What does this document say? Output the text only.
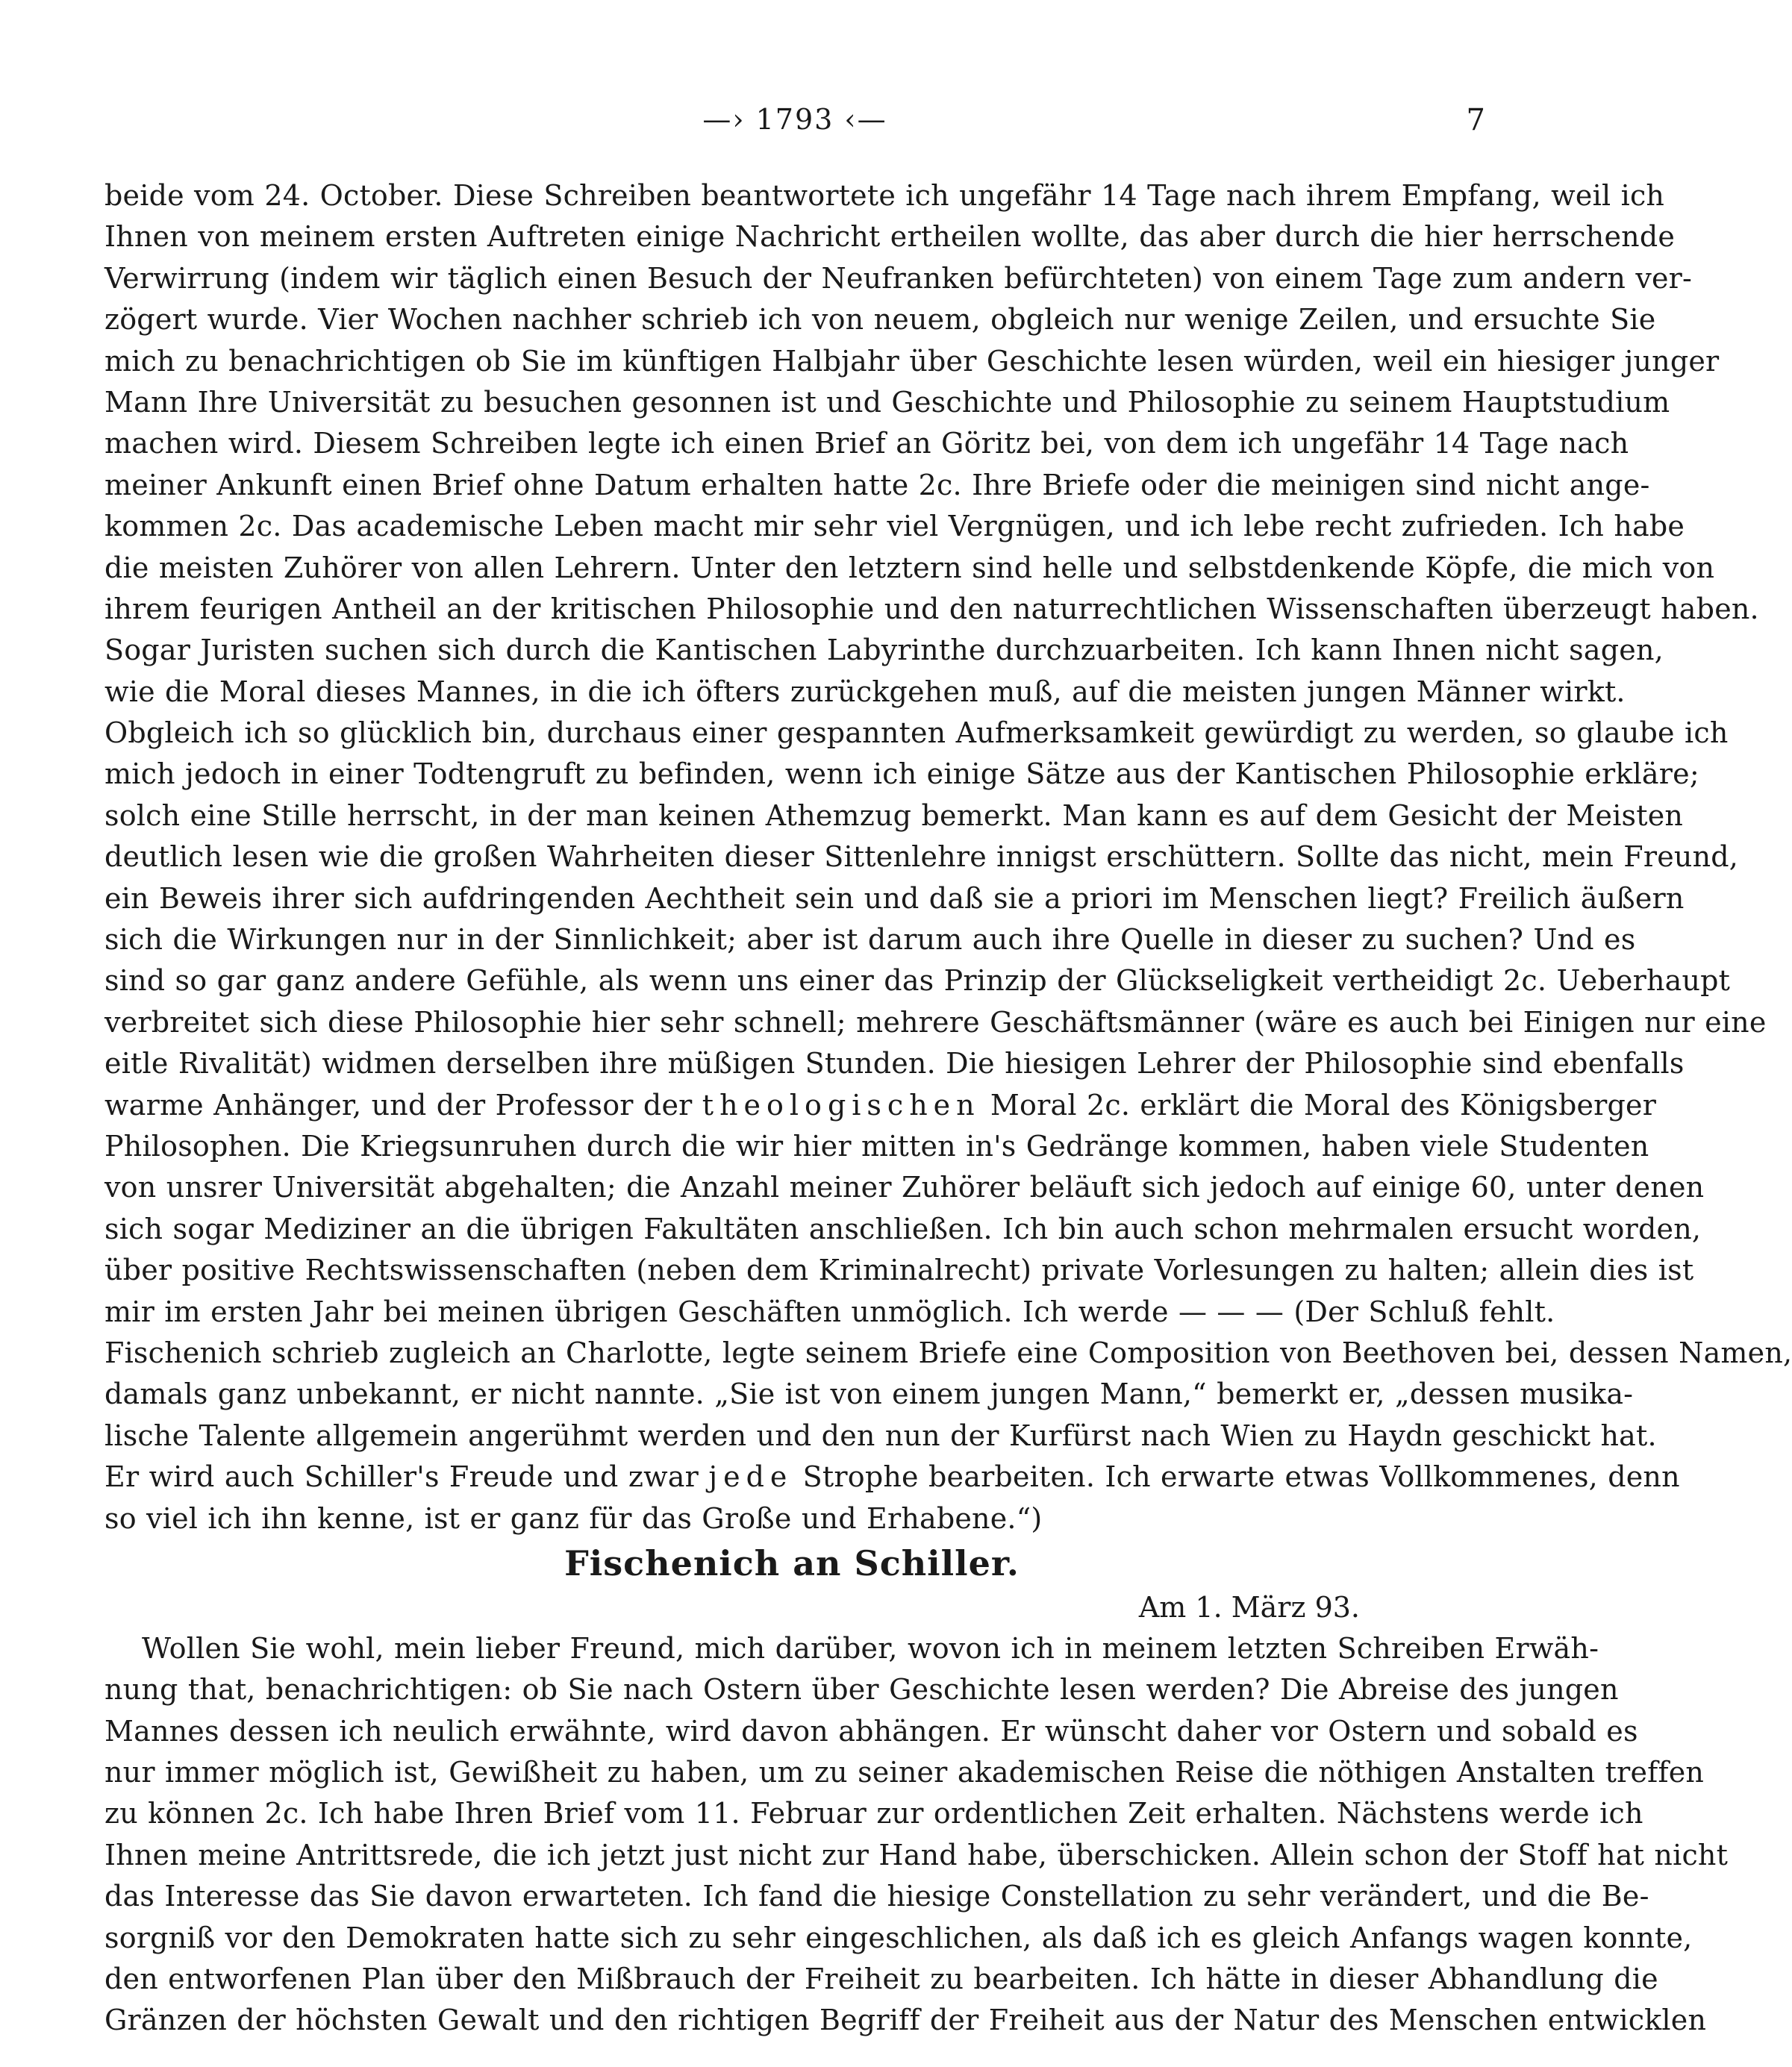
—› 1793 ‹—	7
beide vom 24. October. Diese Schreiben beantwortete ich ungefähr 14 Tage nach ihrem Empfang, weil ich
Ihnen von meinem ersten Auftreten einige Nachricht ertheilen wollte, das aber durch die hier herrschende
Verwirrung (indem wir täglich einen Besuch der Neufranken befürchteten) von einem Tage zum andern ver-
zögert wurde. Vier Wochen nachher schrieb ich von neuem, obgleich nur wenige Zeilen, und ersuchte Sie
mich zu benachrichtigen ob Sie im künftigen Halbjahr über Geschichte lesen würden, weil ein hiesiger junger
Mann Ihre Universität zu besuchen gesonnen ist und Geschichte und Philosophie zu seinem Hauptstudium
machen wird. Diesem Schreiben legte ich einen Brief an Göritz bei, von dem ich ungefähr 14 Tage nach
meiner Ankunft einen Brief ohne Datum erhalten hatte 2c. Ihre Briefe oder die meinigen sind nicht ange-
kommen 2c. Das academische Leben macht mir sehr viel Vergnügen, und ich lebe recht zufrieden. Ich habe
die meisten Zuhörer von allen Lehrern. Unter den letztern sind helle und selbstdenkende Köpfe, die mich von
ihrem feurigen Antheil an der kritischen Philosophie und den naturrechtlichen Wissenschaften überzeugt haben.
Sogar Juristen suchen sich durch die Kantischen Labyrinthe durchzuarbeiten. Ich kann Ihnen nicht sagen,
wie die Moral dieses Mannes, in die ich öfters zurückgehen muß, auf die meisten jungen Männer wirkt.
Obgleich ich so glücklich bin, durchaus einer gespannten Aufmerksamkeit gewürdigt zu werden, so glaube ich
mich jedoch in einer Todtengruft zu befinden, wenn ich einige Sätze aus der Kantischen Philosophie erkläre;
solch eine Stille herrscht, in der man keinen Athemzug bemerkt. Man kann es auf dem Gesicht der Meisten
deutlich lesen wie die großen Wahrheiten dieser Sittenlehre innigst erschüttern. Sollte das nicht, mein Freund,
ein Beweis ihrer sich aufdringenden Aechtheit sein und daß sie a priori im Menschen liegt? Freilich äußern
sich die Wirkungen nur in der Sinnlichkeit; aber ist darum auch ihre Quelle in dieser zu suchen? Und es
sind so gar ganz andere Gefühle, als wenn uns einer das Prinzip der Glückseligkeit vertheidigt 2c. Ueberhaupt
verbreitet sich diese Philosophie hier sehr schnell; mehrere Geschäftsmänner (wäre es auch bei Einigen nur eine
eitle Rivalität) widmen derselben ihre müßigen Stunden. Die hiesigen Lehrer der Philosophie sind ebenfalls
warme Anhänger, und der Professor der theologischen Moral 2c. erklärt die Moral des Königsberger
Philosophen. Die Kriegsunruhen durch die wir hier mitten in's Gedränge kommen, haben viele Studenten
von unsrer Universität abgehalten; die Anzahl meiner Zuhörer beläuft sich jedoch auf einige 60, unter denen
sich sogar Mediziner an die übrigen Fakultäten anschließen. Ich bin auch schon mehrmalen ersucht worden,
über positive Rechtswissenschaften (neben dem Kriminalrecht) private Vorlesungen zu halten; allein dies ist
mir im ersten Jahr bei meinen übrigen Geschäften unmöglich. Ich werde — — — (Der Schluß fehlt.
Fischenich schrieb zugleich an Charlotte, legte seinem Briefe eine Composition von Beethoven bei, dessen Namen,
damals ganz unbekannt, er nicht nannte. „Sie ist von einem jungen Mann,“ bemerkt er, „dessen musika-
lische Talente allgemein angerühmt werden und den nun der Kurfürst nach Wien zu Haydn geschickt hat.
Er wird auch Schiller's Freude und zwar jede Strophe bearbeiten. Ich erwarte etwas Vollkommenes, denn
so viel ich ihn kenne, ist er ganz für das Große und Erhabene.“)
Fischenich an Schiller.
Am 1. März 93.
Wollen Sie wohl, mein lieber Freund, mich darüber, wovon ich in meinem letzten Schreiben Erwäh-
nung that, benachrichtigen: ob Sie nach Ostern über Geschichte lesen werden? Die Abreise des jungen
Mannes dessen ich neulich erwähnte, wird davon abhängen. Er wünscht daher vor Ostern und sobald es
nur immer möglich ist, Gewißheit zu haben, um zu seiner akademischen Reise die nöthigen Anstalten treffen
zu können 2c. Ich habe Ihren Brief vom 11. Februar zur ordentlichen Zeit erhalten. Nächstens werde ich
Ihnen meine Antrittsrede, die ich jetzt just nicht zur Hand habe, überschicken. Allein schon der Stoff hat nicht
das Interesse das Sie davon erwarteten. Ich fand die hiesige Constellation zu sehr verändert, und die Be-
sorgniß vor den Demokraten hatte sich zu sehr eingeschlichen, als daß ich es gleich Anfangs wagen konnte,
den entworfenen Plan über den Mißbrauch der Freiheit zu bearbeiten. Ich hätte in dieser Abhandlung die
Gränzen der höchsten Gewalt und den richtigen Begriff der Freiheit aus der Natur des Menschen entwicklen
